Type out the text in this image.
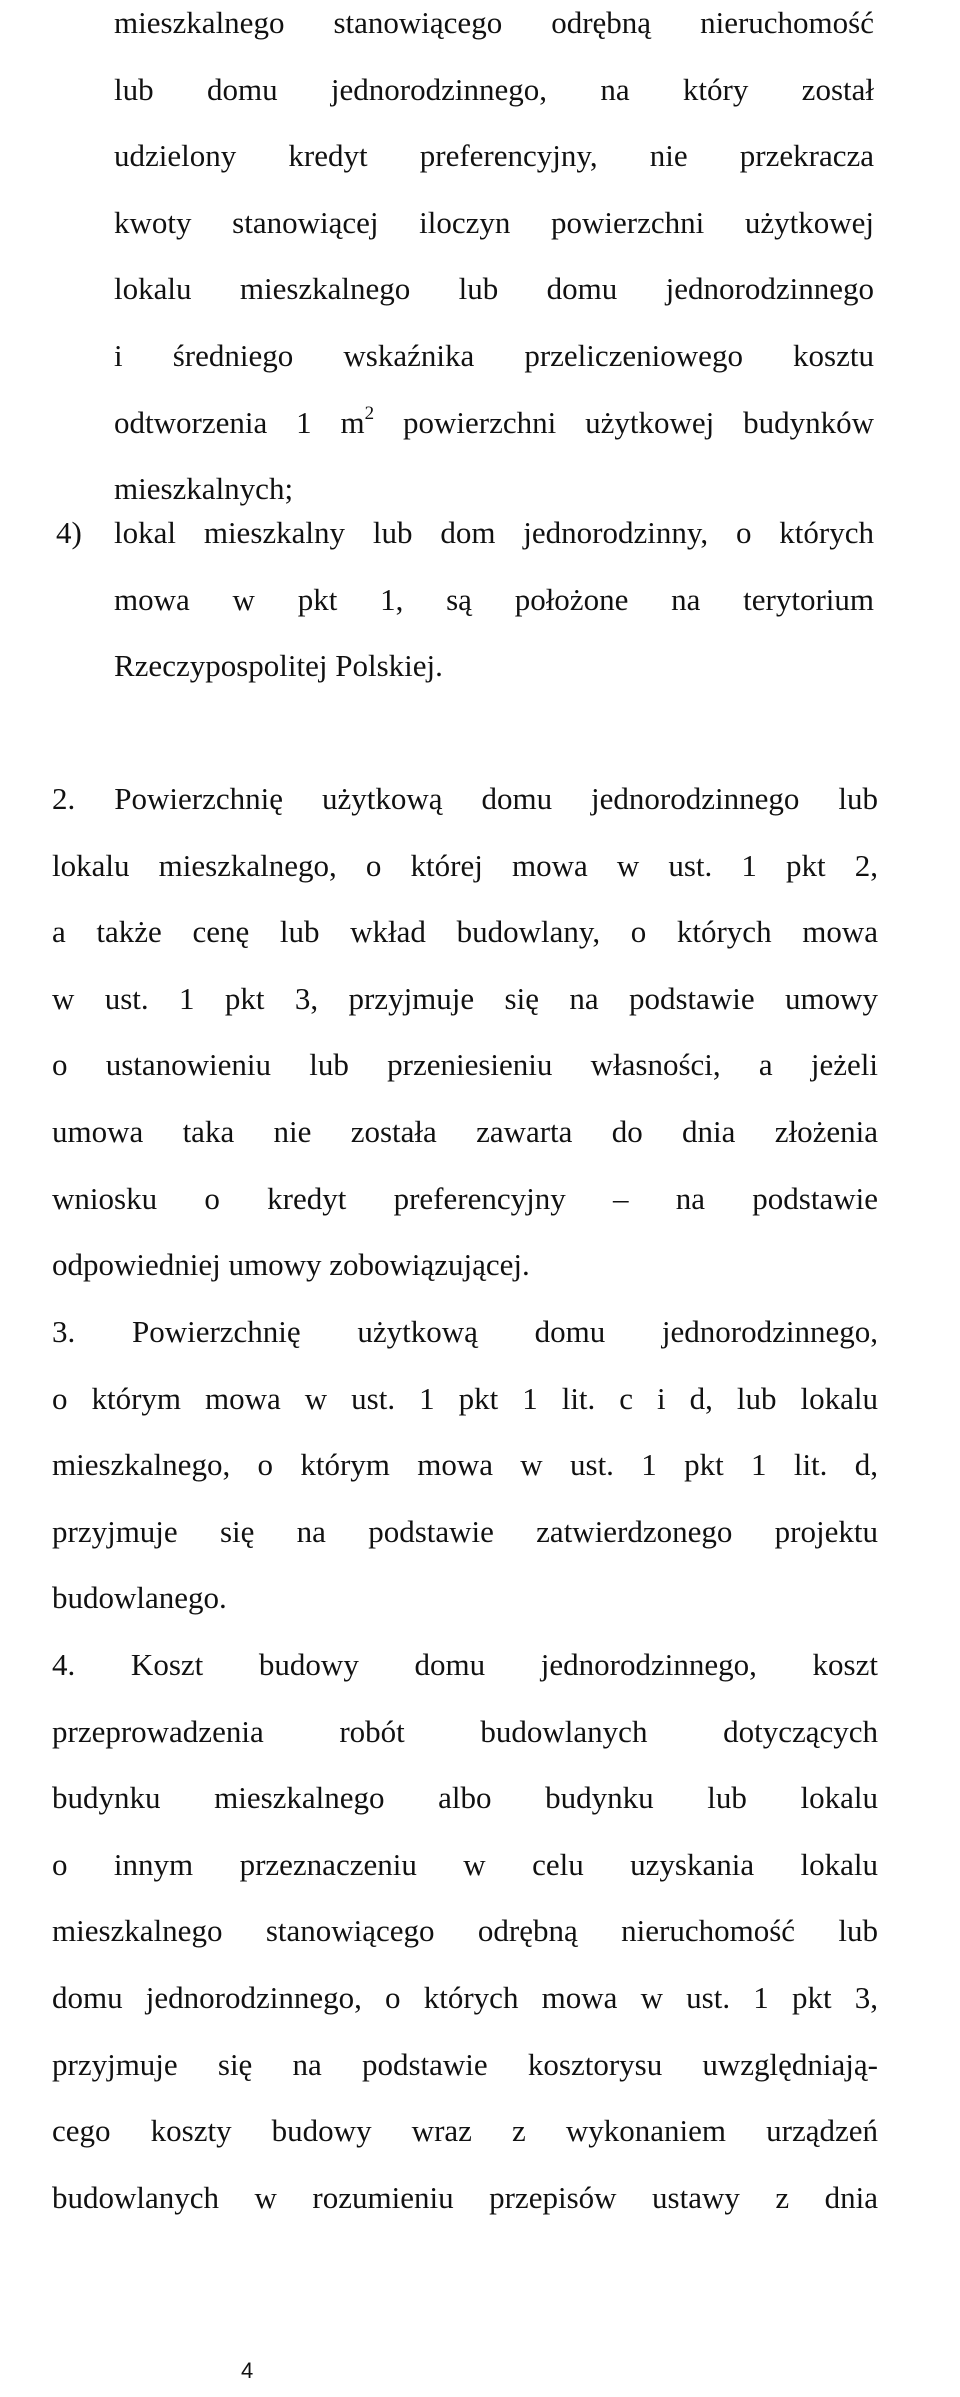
mieszkalnego stanowiącego odrębną nieruchomość
lub domu jednorodzinnego, na który został
udzielony kredyt preferencyjny, nie przekracza
kwoty stanowiącej iloczyn powierzchni użytkowej
lokalu mieszkalnego lub domu jednorodzinnego
i średniego wskaźnika przeliczeniowego kosztu
odtworzenia 1 $m^2$ powierzchni użytkowej budynków
mieszkalnych;
4) lokal mieszkalny lub dom jednorodzinny, o których
mowa w pkt 1, są położone na terytorium
Rzeczypospolitej Polskiej.
2. Powierzchnię użytkową domu jednorodzinnego lub
lokalu mieszkalnego, o której mowa w ust. 1 pkt 2,
a także cenę lub wkład budowlany, o których mowa
w ust. 1 pkt 3, przyjmuje się na podstawie umowy
o ustanowieniu lub przeniesieniu własności, a jeżeli
umowa taka nie została zawarta do dnia złożenia
wniosku o kredyt preferencyjny – na podstawie
odpowiedniej umowy zobowiązującej.
3. Powierzchnię użytkową domu jednorodzinnego,
o którym mowa w ust. 1 pkt 1 lit. c i d, lub lokalu
mieszkalnego, o którym mowa w ust. 1 pkt 1 lit. d,
przyjmuje się na podstawie zatwierdzonego projektu
budowlanego.
4. Koszt budowy domu jednorodzinnego, koszt
przeprowadzenia robót budowlanych dotyczących
budynku mieszkalnego albo budynku lub lokalu
o innym przeznaczeniu w celu uzyskania lokalu
mieszkalnego stanowiącego odrębną nieruchomość lub
domu jednorodzinnego, o których mowa w ust. 1 pkt 3,
przyjmuje się na podstawie kosztorysu uwzględniają-
cego koszty budowy wraz z wykonaniem urządzeń
budowlanych w rozumieniu przepisów ustawy z dnia
4
